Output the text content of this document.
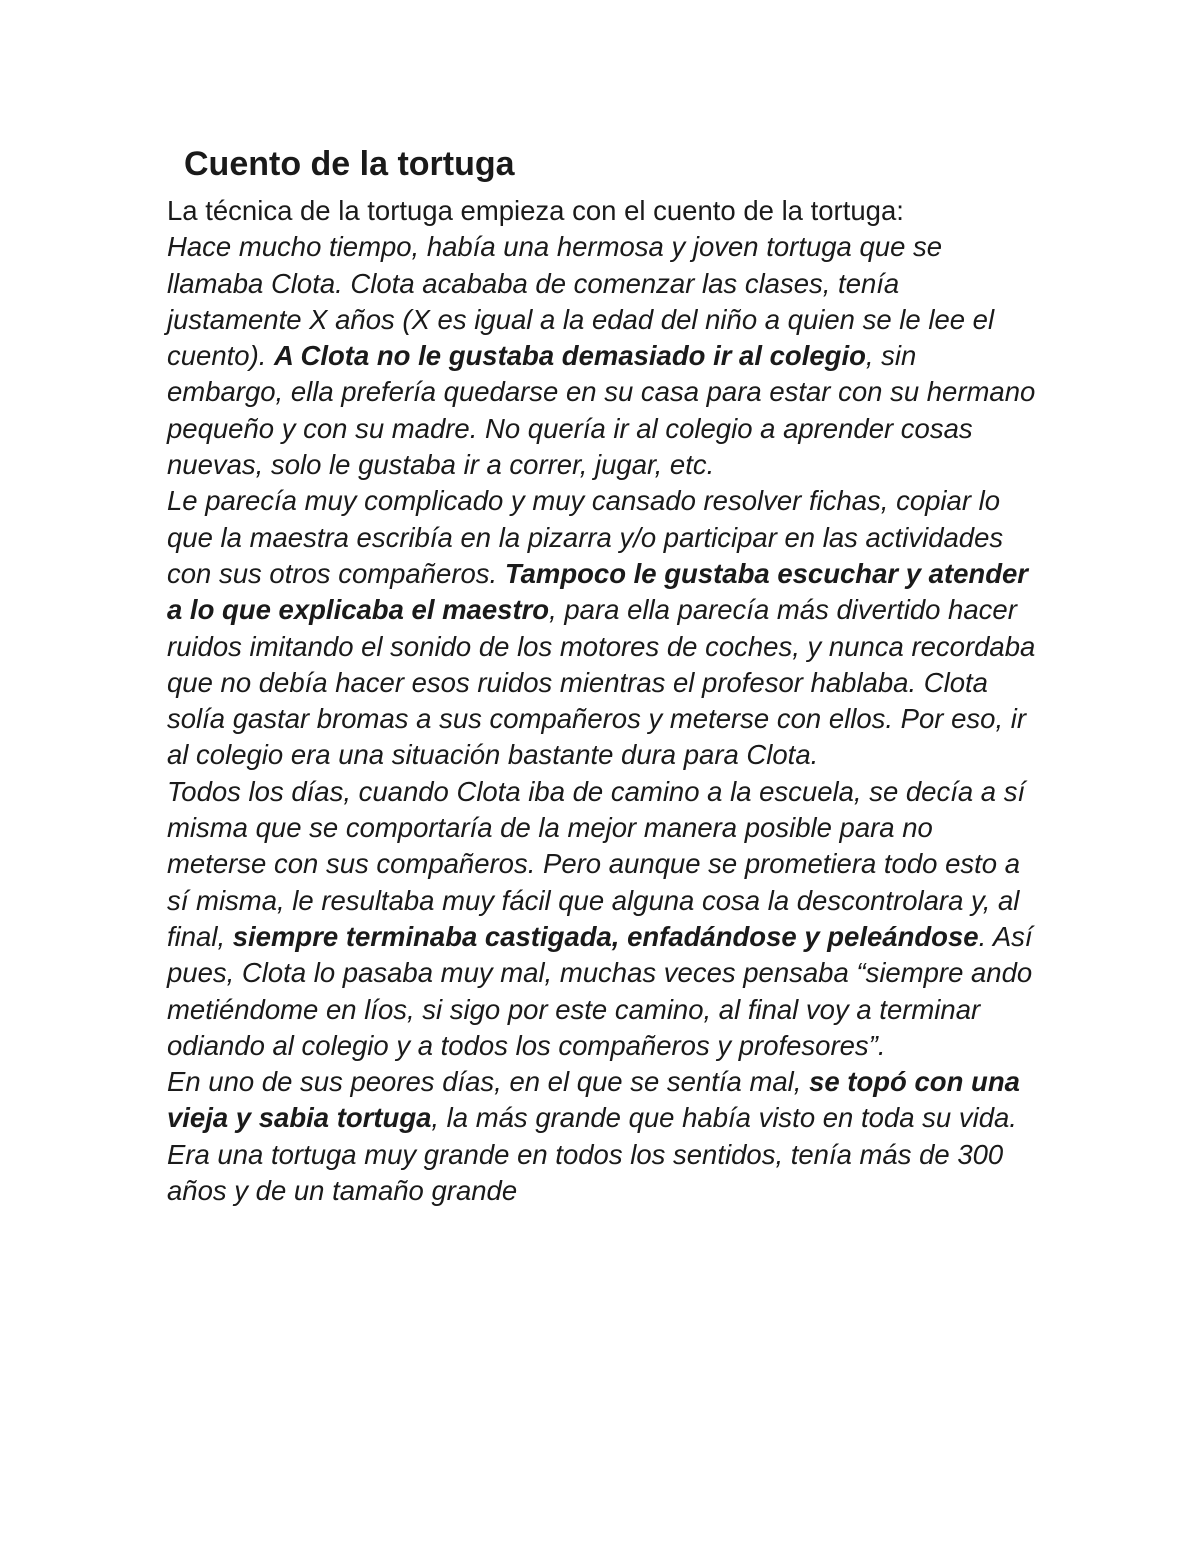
Cuento de la tortuga

La técnica de la tortuga empieza con el cuento de la tortuga:

Hace mucho tiempo, había una hermosa y joven tortuga que se llamaba Clota. Clota acababa de comenzar las clases, tenía justamente X años (X es igual a la edad del niño a quien se le lee el cuento). A Clota no le gustaba demasiado ir al colegio, sin embargo, ella prefería quedarse en su casa para estar con su hermano pequeño y con su madre. No quería ir al colegio a aprender cosas nuevas, solo le gustaba ir a correr, jugar, etc.

Le parecía muy complicado y muy cansado resolver fichas, copiar lo que la maestra escribía en la pizarra y/o participar en las actividades con sus otros compañeros. Tampoco le gustaba escuchar y atender a lo que explicaba el maestro, para ella parecía más divertido hacer ruidos imitando el sonido de los motores de coches, y nunca recordaba que no debía hacer esos ruidos mientras el profesor hablaba. Clota solía gastar bromas a sus compañeros y meterse con ellos. Por eso, ir al colegio era una situación bastante dura para Clota.

Todos los días, cuando Clota iba de camino a la escuela, se decía a sí misma que se comportaría de la mejor manera posible para no meterse con sus compañeros. Pero aunque se prometiera todo esto a sí misma, le resultaba muy fácil que alguna cosa la descontrolara y, al final, siempre terminaba castigada, enfadándose y peleándose. Así pues, Clota lo pasaba muy mal, muchas veces pensaba “siempre ando metiéndome en líos, si sigo por este camino, al final voy a terminar odiando al colegio y a todos los compañeros y profesores”.

En uno de sus peores días, en el que se sentía mal, se topó con una vieja y sabia tortuga, la más grande que había visto en toda su vida. Era una tortuga muy grande en todos los sentidos, tenía más de 300 años y de un tamaño grande
